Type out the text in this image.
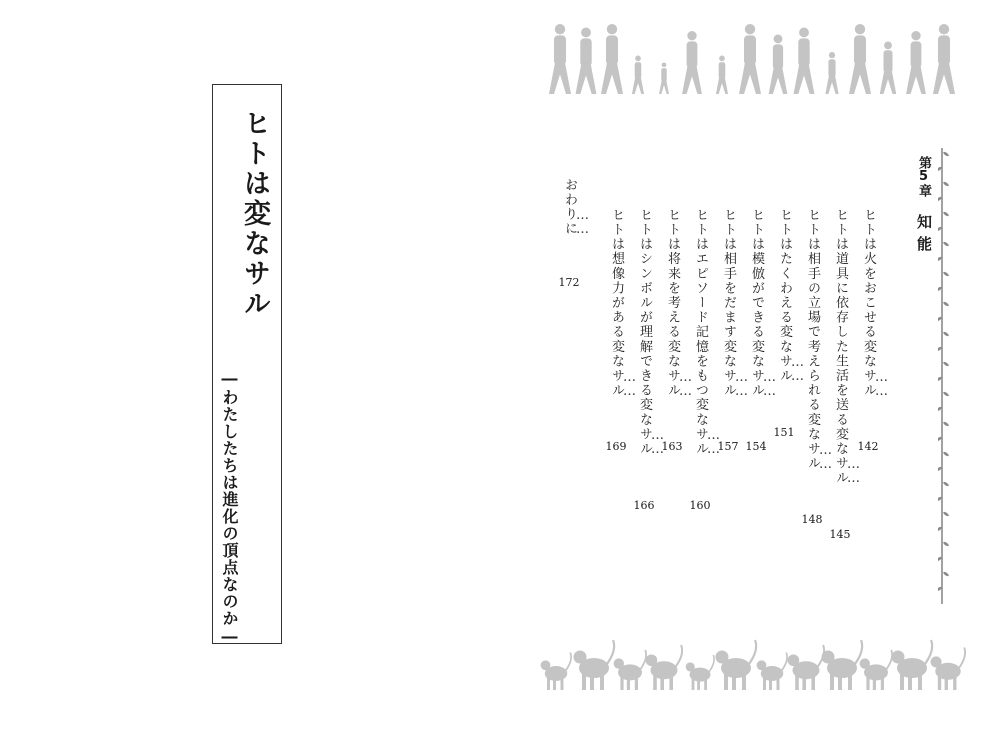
ヒトは変なサル
―わたしたちは進化の頂点なのか―
第5章
知能
ヒトは火をおこせる変なサル……
142
ヒトは道具に依存した生活を送る変なサル……
145
ヒトは相手の立場で考えられる変なサル……
148
ヒトはたくわえる変なサル……
151
ヒトは模倣ができる変なサル……
154
ヒトは相手をだます変なサル……
157
ヒトはエピソード記憶をもつ変なサル……
160
ヒトは将来を考える変なサル……
163
ヒトはシンボルが理解できる変なサル……
166
ヒトは想像力がある変なサル……
169
おわりに……
172
